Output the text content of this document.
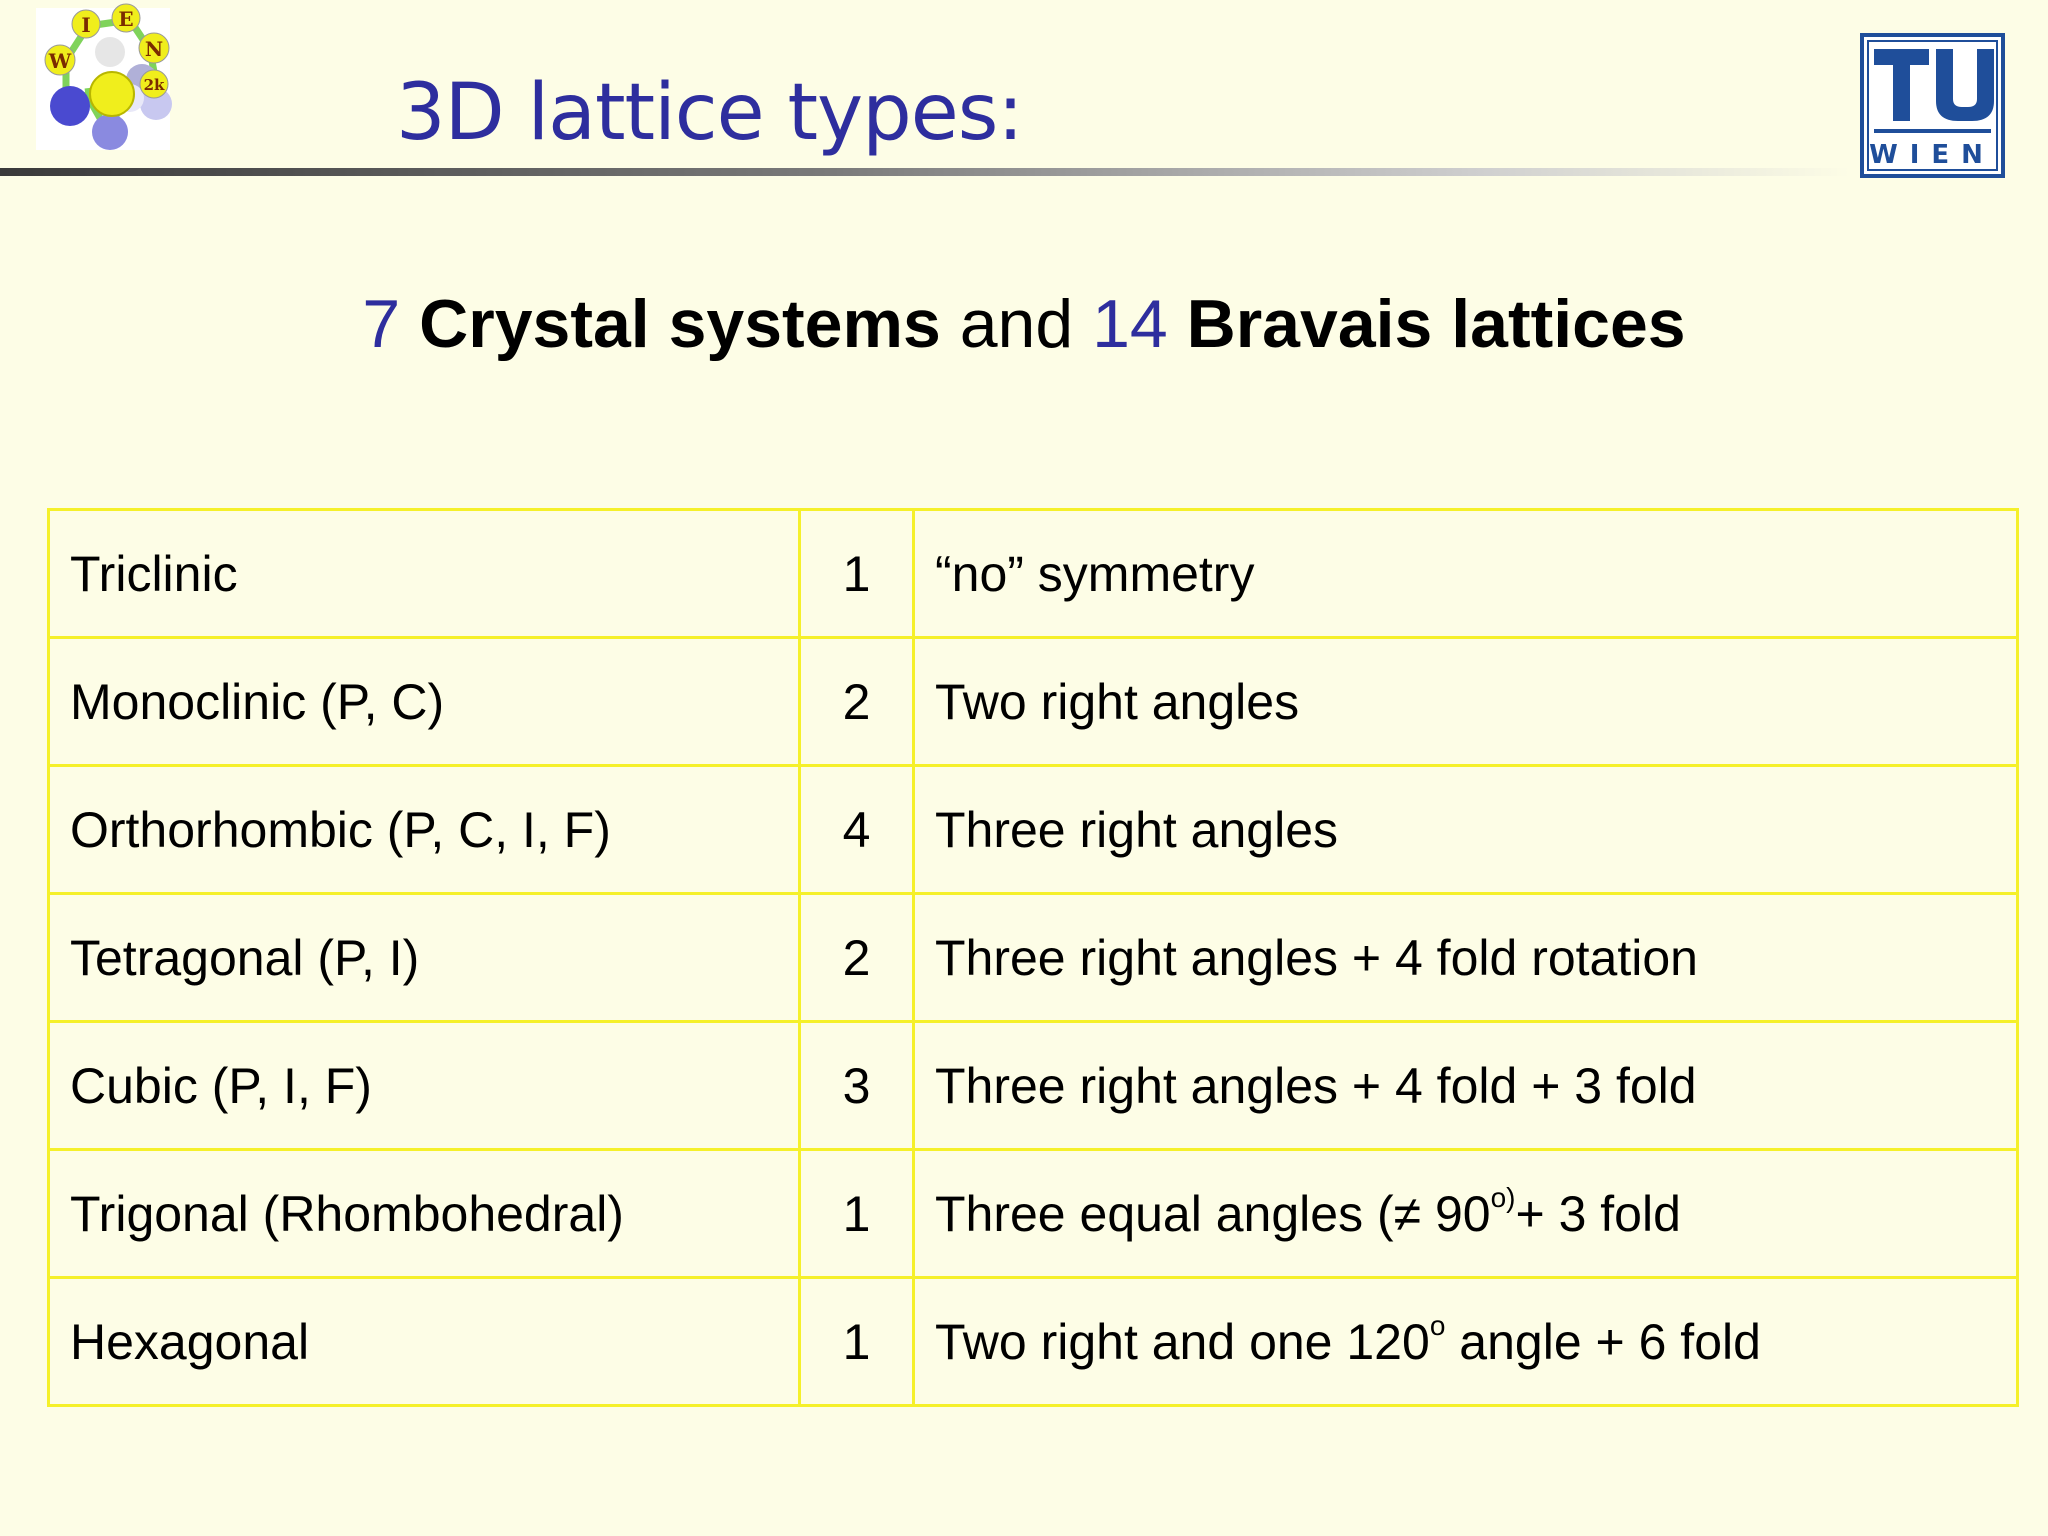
W
I E
N
2k	3D lattice types:	WIEN
7 Crystal systems and 14 Bravais lattices
Triclinic	1	“no” symmetry
Monoclinic (P, C)	2	Two right angles
Orthorhombic (P, C, I, F)	4	Three right angles
Tetragonal (P, I)	2	Three right angles + 4 fold rotation
Cubic (P, I, F)	3	Three right angles + 4 fold + 3 fold
Trigonal (Rhombohedral)	1	Three equal angles (≠ $90^{o)}+ 3$ fold
Hexagonal	1	Two right and one 120$^o$ angle + 6 fold
